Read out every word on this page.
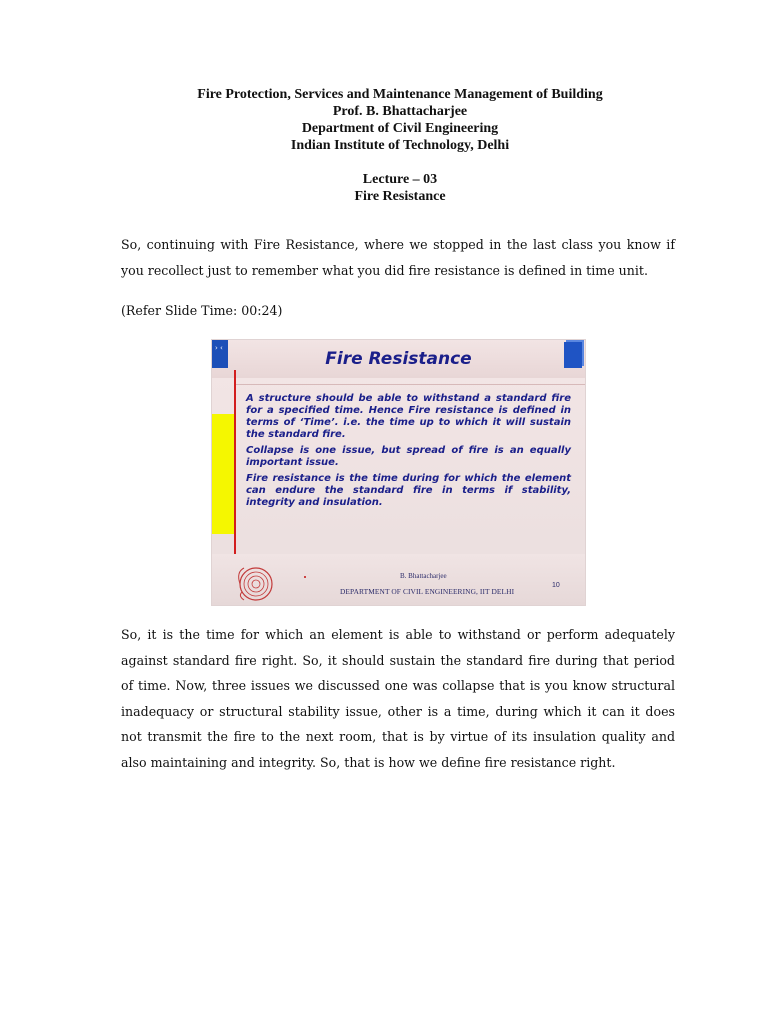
Fire Protection, Services and Maintenance Management of Building
Prof. B. Bhattacharjee
Department of Civil Engineering
Indian Institute of Technology, Delhi
Lecture – 03
Fire Resistance
So, continuing with Fire Resistance, where we stopped in the last class you know if you recollect just to remember what you did fire resistance is defined in time unit.
(Refer Slide Time: 00:24)
› ‹
Fire Resistance

A structure should be able to withstand a standard fire for a specified time. Hence Fire resistance is defined in terms of ‘Time’. i.e. the time up to which it will sustain the standard fire.

Collapse is one issue, but spread of fire is an equally important issue.

Fire resistance is the time during for which the element can endure the standard fire in terms if stability, integrity and insulation.

B. Bhattacharjee
DEPARTMENT OF CIVIL ENGINEERING, IIT DELHI
10
So, it is the time for which an element is able to withstand or perform adequately against standard fire right. So, it should sustain the standard fire during that period of time. Now, three issues we discussed one was collapse that is you know structural inadequacy or structural stability issue, other is a time, during which it can it does not transmit the fire to the next room, that is by virtue of its insulation quality and also maintaining and integrity. So, that is how we define fire resistance right.
